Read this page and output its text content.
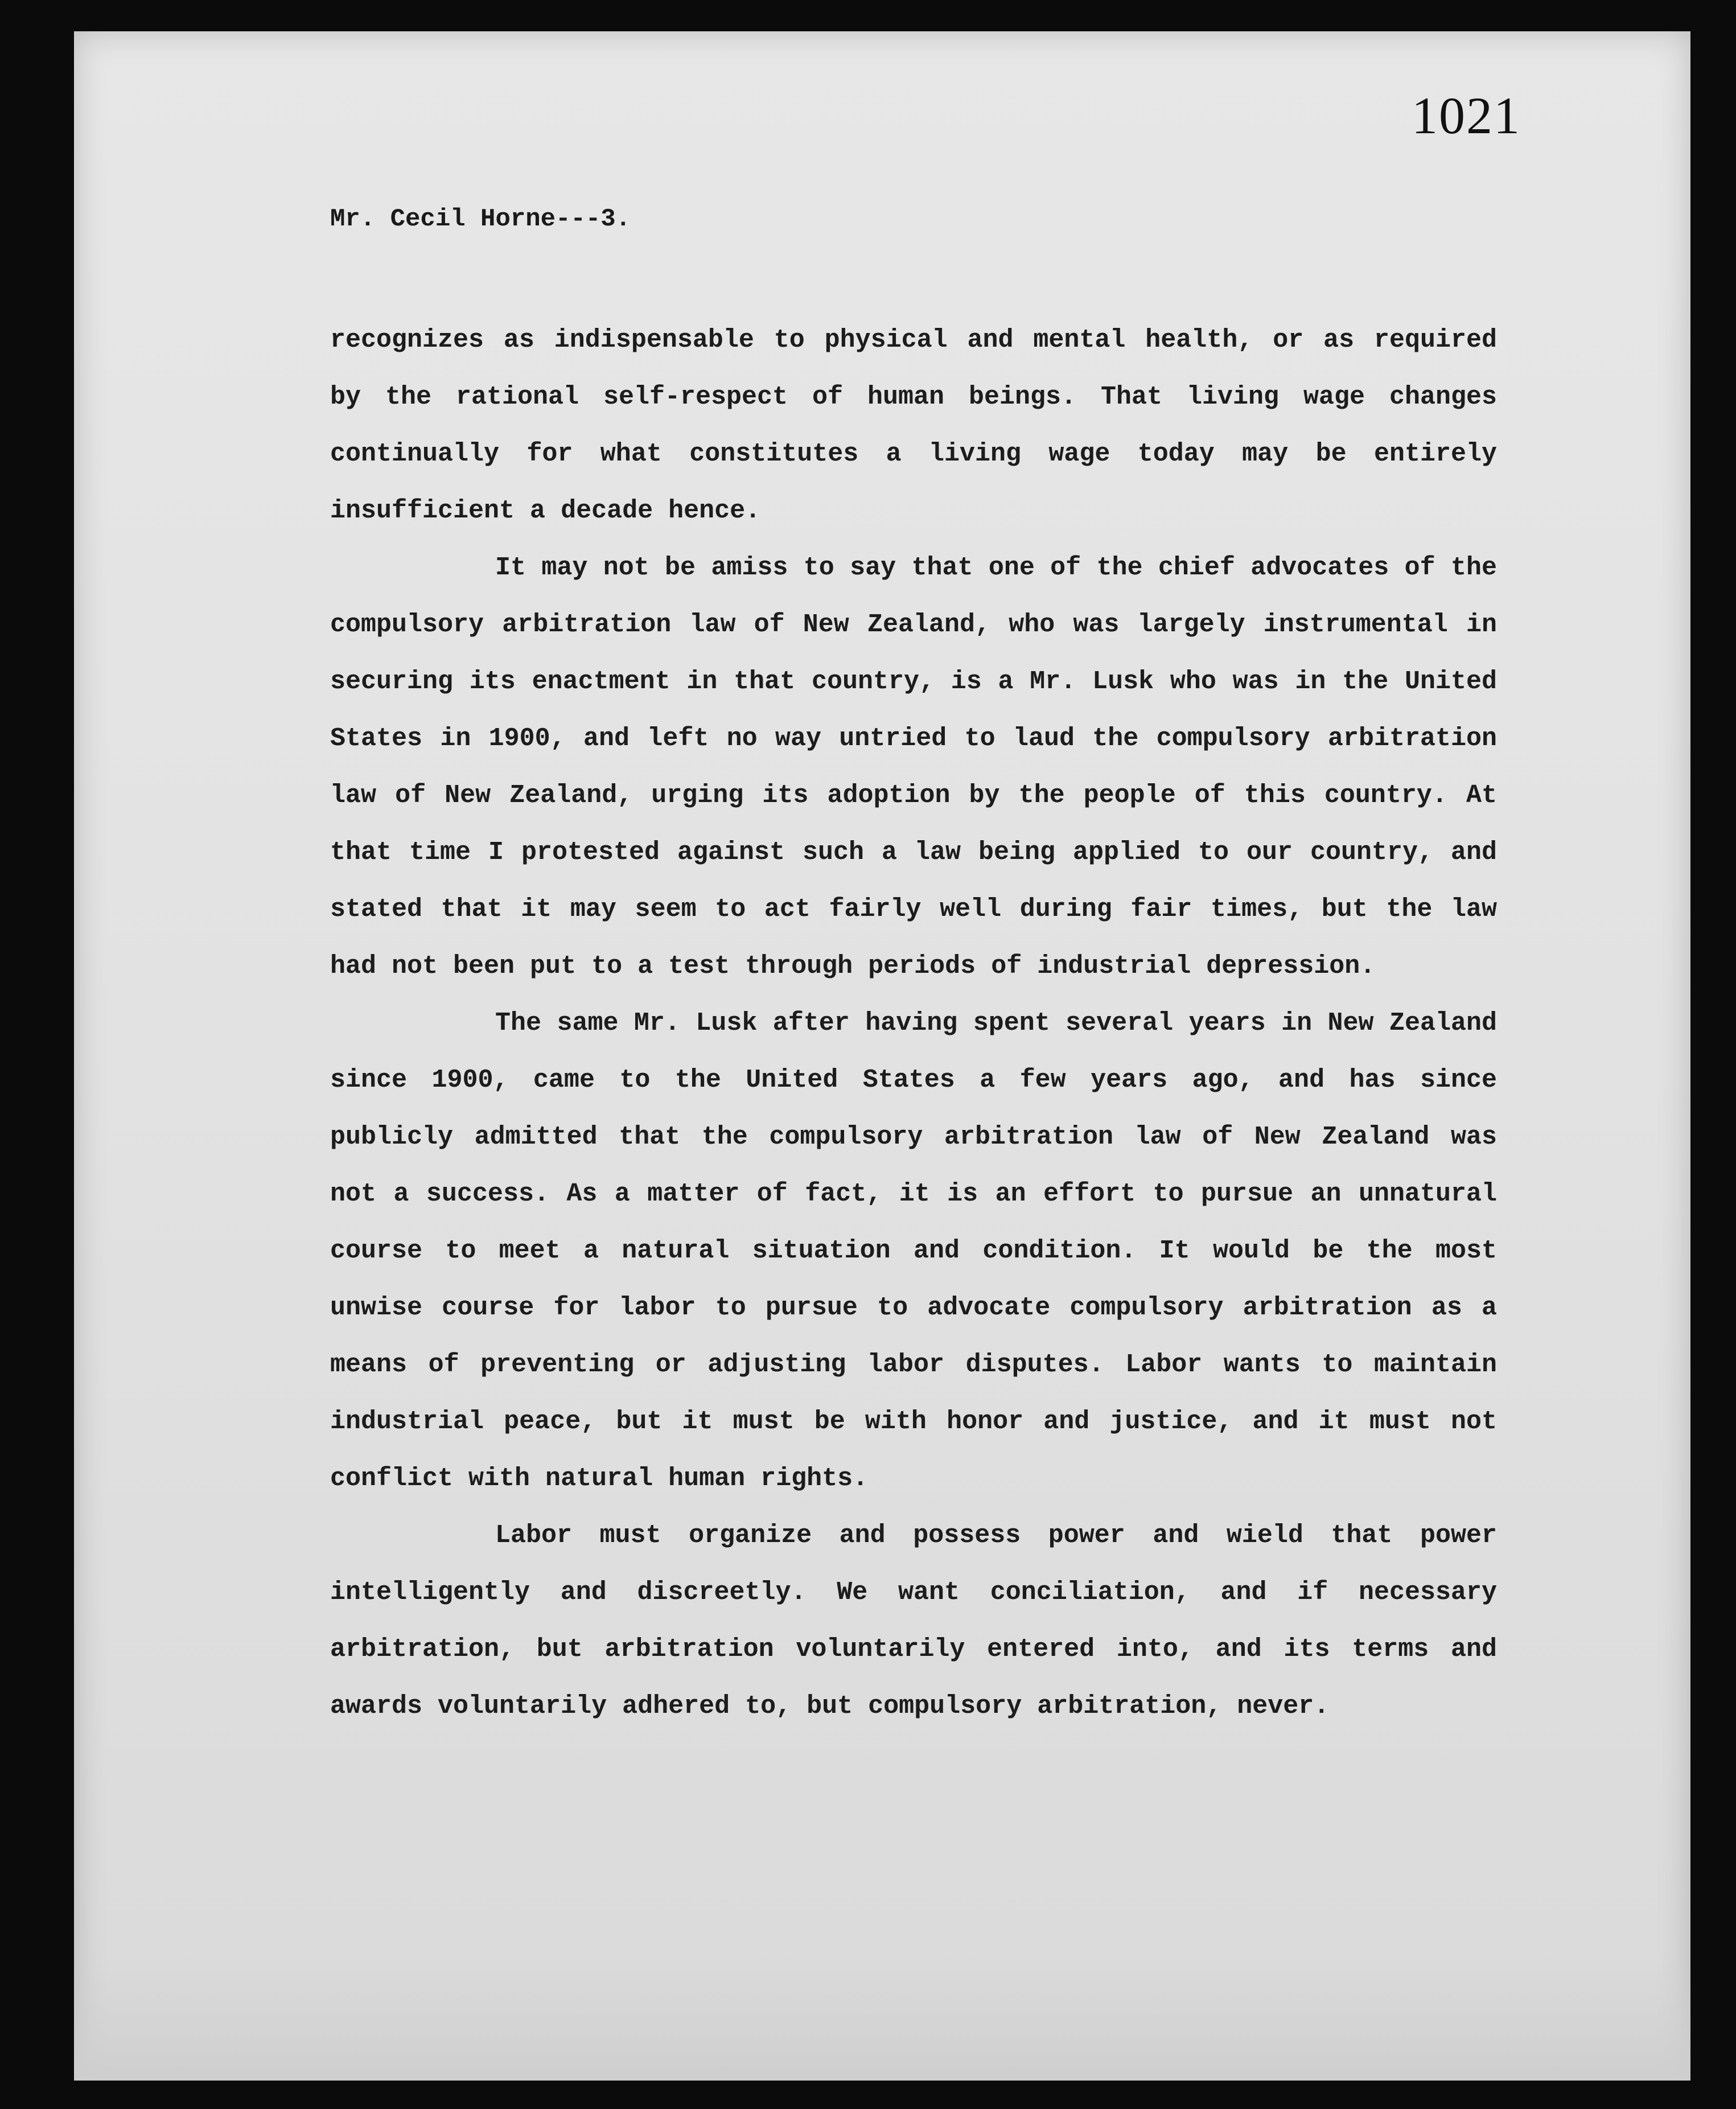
1021
Mr. Cecil Horne---3.

recognizes as indispensable to physical and mental health, or as required by the rational self-respect of human beings. That living wage changes continually for what constitutes a living wage today may be entirely insufficient a decade hence.

It may not be amiss to say that one of the chief advocates of the compulsory arbitration law of New Zealand, who was largely instrumental in securing its enactment in that country, is a Mr. Lusk who was in the United States in 1900, and left no way untried to laud the compulsory arbitration law of New Zealand, urging its adoption by the people of this country. At that time I protested against such a law being applied to our country, and stated that it may seem to act fairly well during fair times, but the law had not been put to a test through periods of industrial depression.

The same Mr. Lusk after having spent several years in New Zealand since 1900, came to the United States a few years ago, and has since publicly admitted that the compulsory arbitration law of New Zealand was not a success. As a matter of fact, it is an effort to pursue an unnatural course to meet a natural situation and condition. It would be the most unwise course for labor to pursue to advocate compulsory arbitration as a means of preventing or adjusting labor disputes. Labor wants to maintain industrial peace, but it must be with honor and justice, and it must not conflict with natural human rights.

Labor must organize and possess power and wield that power intelligently and discreetly. We want conciliation, and if necessary arbitration, but arbitration voluntarily entered into, and its terms and awards voluntarily adhered to, but compulsory arbitration, never.
